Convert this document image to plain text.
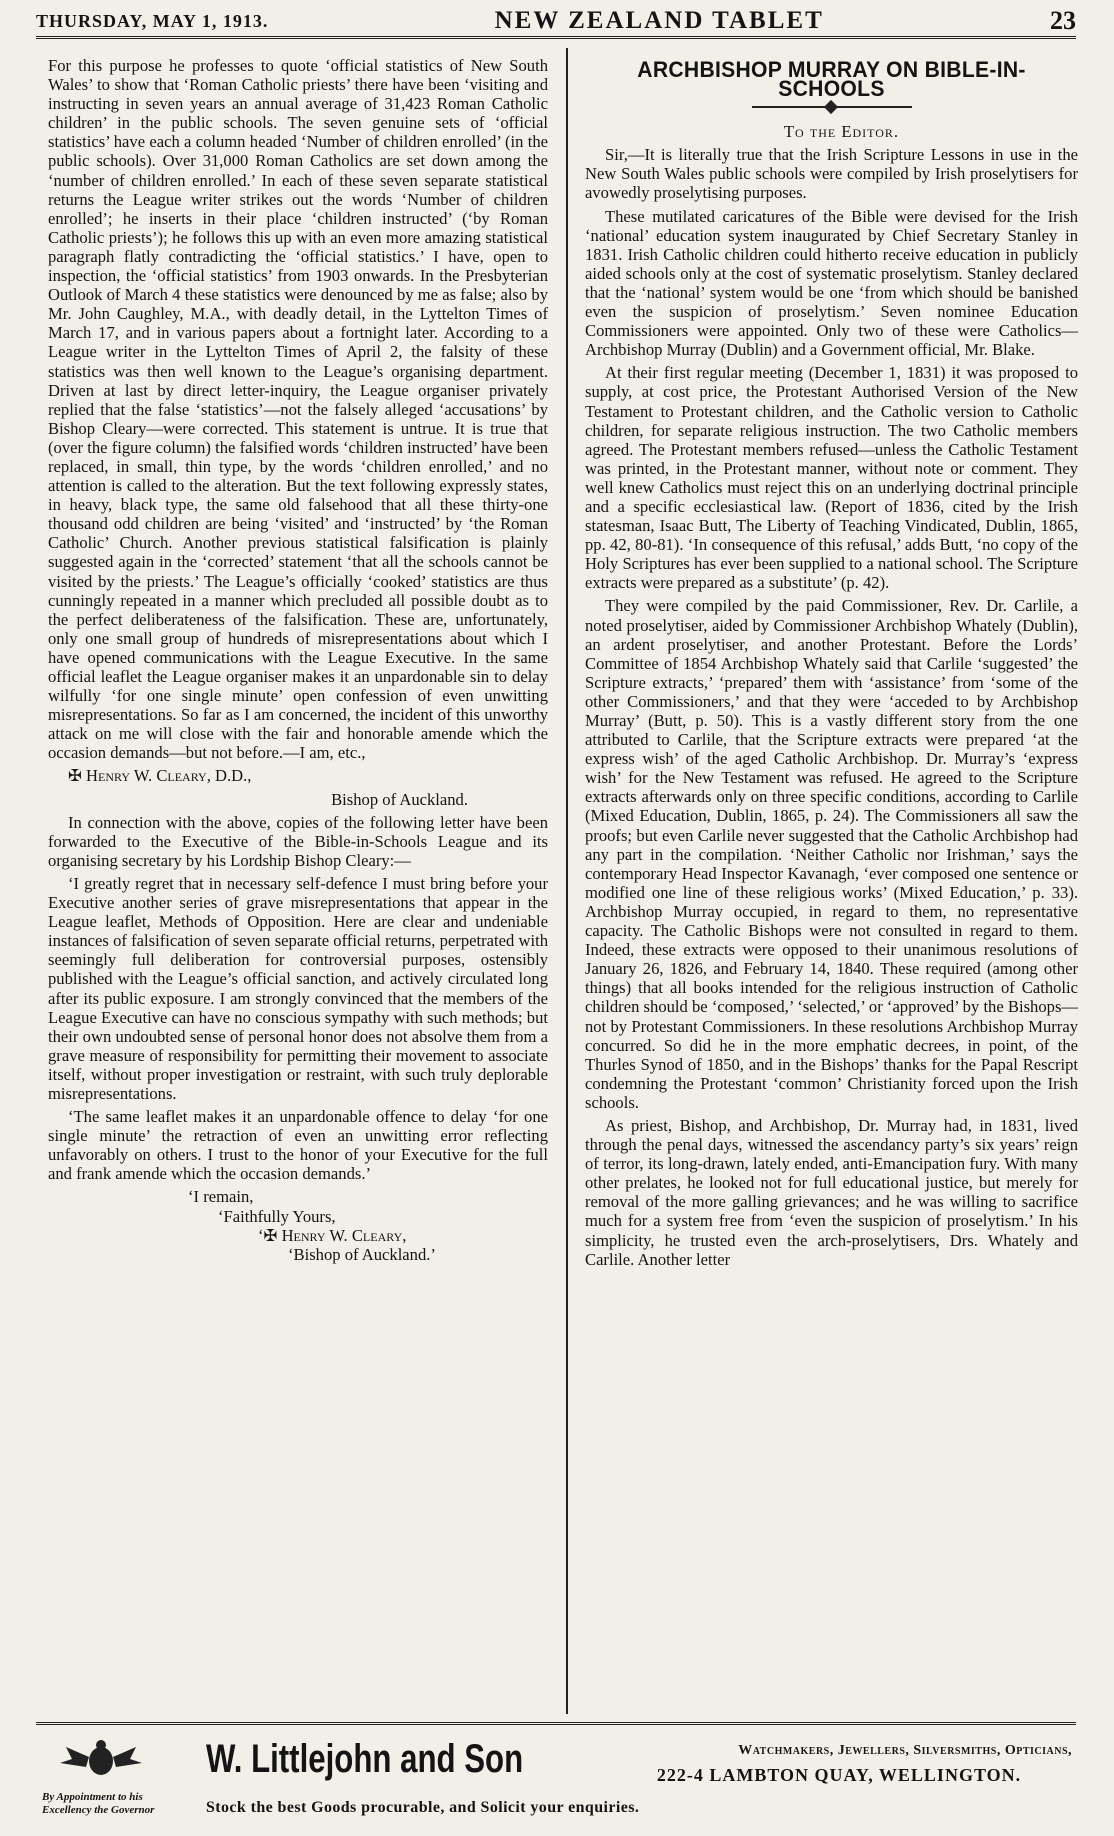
THURSDAY, MAY 1, 1913.	NEW ZEALAND TABLET	23

For this purpose he professes to quote ‘official statistics of New South Wales’ to show that ‘Roman Catholic priests’ there have been ‘visiting and instructing in seven years an annual average of 31,423 Roman Catholic children’ in the public schools. The seven genuine sets of ‘official statistics’ have each a column headed ‘Number of children enrolled’ (in the public schools). Over 31,000 Roman Catholics are set down among the ‘number of children enrolled.’ In each of these seven separate statistical returns the League writer strikes out the words ‘Number of children enrolled’; he inserts in their place ‘children instructed’ (‘by Roman Catholic priests’); he follows this up with an even more amazing statistical paragraph flatly contradicting the ‘official statistics.’ I have, open to inspection, the ‘official statistics’ from 1903 onwards. In the Presbyterian Outlook of March 4 these statistics were denounced by me as false; also by Mr. John Caughley, M.A., with deadly detail, in the Lyttelton Times of March 17, and in various papers about a fortnight later. According to a League writer in the Lyttelton Times of April 2, the falsity of these statistics was then well known to the League’s organising department. Driven at last by direct letter-inquiry, the League organiser privately replied that the false ‘statistics’—not the falsely alleged ‘accusations’ by Bishop Cleary—were corrected. This statement is untrue. It is true that (over the figure column) the falsified words ‘children instructed’ have been replaced, in small, thin type, by the words ‘children enrolled,’ and no attention is called to the alteration. But the text following expressly states, in heavy, black type, the same old falsehood that all these thirty-one thousand odd children are being ‘visited’ and ‘instructed’ by ‘the Roman Catholic’ Church. Another previous statistical falsification is plainly suggested again in the ‘corrected’ statement ‘that all the schools cannot be visited by the priests.’ The League’s officially ‘cooked’ statistics are thus cunningly repeated in a manner which precluded all possible doubt as to the perfect deliberateness of the falsification. These are, unfortunately, only one small group of hundreds of misrepresentations about which I have opened communications with the League Executive. In the same official leaflet the League organiser makes it an unpardonable sin to delay wilfully ‘for one single minute’ open confession of even unwitting misrepresentations. So far as I am concerned, the incident of this unworthy attack on me will close with the fair and honorable amende which the occasion demands—but not before.—I am, etc.,

✠ Henry W. Cleary, D.D.,

Bishop of Auckland.

In connection with the above, copies of the following letter have been forwarded to the Executive of the Bible-in-Schools League and its organising secretary by his Lordship Bishop Cleary:—

‘I greatly regret that in necessary self-defence I must bring before your Executive another series of grave misrepresentations that appear in the League leaflet, Methods of Opposition. Here are clear and undeniable instances of falsification of seven separate official returns, perpetrated with seemingly full deliberation for controversial purposes, ostensibly published with the League’s official sanction, and actively circulated long after its public exposure. I am strongly convinced that the members of the League Executive can have no conscious sympathy with such methods; but their own undoubted sense of personal honor does not absolve them from a grave measure of responsibility for permitting their movement to associate itself, without proper investigation or restraint, with such truly deplorable misrepresentations.

‘The same leaflet makes it an unpardonable offence to delay ‘for one single minute’ the retraction of even an unwitting error reflecting unfavorably on others. I trust to the honor of your Executive for the full and frank amende which the occasion demands.’

‘I remain,

‘Faithfully Yours,

‘✠ Henry W. Cleary,

‘Bishop of Auckland.’

ARCHBISHOP MURRAY ON BIBLE-IN-SCHOOLS

To the Editor.

Sir,—It is literally true that the Irish Scripture Lessons in use in the New South Wales public schools were compiled by Irish proselytisers for avowedly proselytising purposes.

These mutilated caricatures of the Bible were devised for the Irish ‘national’ education system inaugurated by Chief Secretary Stanley in 1831. Irish Catholic children could hitherto receive education in publicly aided schools only at the cost of systematic proselytism. Stanley declared that the ‘national’ system would be one ‘from which should be banished even the suspicion of proselytism.’ Seven nominee Education Commissioners were appointed. Only two of these were Catholics—Archbishop Murray (Dublin) and a Government official, Mr. Blake.

At their first regular meeting (December 1, 1831) it was proposed to supply, at cost price, the Protestant Authorised Version of the New Testament to Protestant children, and the Catholic version to Catholic children, for separate religious instruction. The two Catholic members agreed. The Protestant members refused—unless the Catholic Testament was printed, in the Protestant manner, without note or comment. They well knew Catholics must reject this on an underlying doctrinal principle and a specific ecclesiastical law. (Report of 1836, cited by the Irish statesman, Isaac Butt, The Liberty of Teaching Vindicated, Dublin, 1865, pp. 42, 80-81). ‘In consequence of this refusal,’ adds Butt, ‘no copy of the Holy Scriptures has ever been supplied to a national school. The Scripture extracts were prepared as a substitute’ (p. 42).

They were compiled by the paid Commissioner, Rev. Dr. Carlile, a noted proselytiser, aided by Commissioner Archbishop Whately (Dublin), an ardent proselytiser, and another Protestant. Before the Lords’ Committee of 1854 Archbishop Whately said that Carlile ‘suggested’ the Scripture extracts,’ ‘prepared’ them with ‘assistance’ from ‘some of the other Commissioners,’ and that they were ‘acceded to by Archbishop Murray’ (Butt, p. 50). This is a vastly different story from the one attributed to Carlile, that the Scripture extracts were prepared ‘at the express wish’ of the aged Catholic Archbishop. Dr. Murray’s ‘express wish’ for the New Testament was refused. He agreed to the Scripture extracts afterwards only on three specific conditions, according to Carlile (Mixed Education, Dublin, 1865, p. 24). The Commissioners all saw the proofs; but even Carlile never suggested that the Catholic Archbishop had any part in the compilation. ‘Neither Catholic nor Irishman,’ says the contemporary Head Inspector Kavanagh, ‘ever composed one sentence or modified one line of these religious works’ (Mixed Education,’ p. 33). Archbishop Murray occupied, in regard to them, no representative capacity. The Catholic Bishops were not consulted in regard to them. Indeed, these extracts were opposed to their unanimous resolutions of January 26, 1826, and February 14, 1840. These required (among other things) that all books intended for the religious instruction of Catholic children should be ‘composed,’ ‘selected,’ or ‘approved’ by the Bishops—not by Protestant Commissioners. In these resolutions Archbishop Murray concurred. So did he in the more emphatic decrees, in point, of the Thurles Synod of 1850, and in the Bishops’ thanks for the Papal Rescript condemning the Protestant ‘common’ Christianity forced upon the Irish schools.

As priest, Bishop, and Archbishop, Dr. Murray had, in 1831, lived through the penal days, witnessed the ascendancy party’s six years’ reign of terror, its long-drawn, lately ended, anti-Emancipation fury. With many other prelates, he looked not for full educational justice, but merely for removal of the more galling grievances; and he was willing to sacrifice much for a system free from ‘even the suspicion of proselytism.’ In his simplicity, he trusted even the arch-proselytisers, Drs. Whately and Carlile. Another letter

By Appointment to his Excellency the Governor
W. Littlejohn and Son	Watchmakers, Jewellers, Silversmiths, Opticians,
222-4 LAMBTON QUAY, WELLINGTON.
Stock the best Goods procurable, and Solicit your enquiries.
